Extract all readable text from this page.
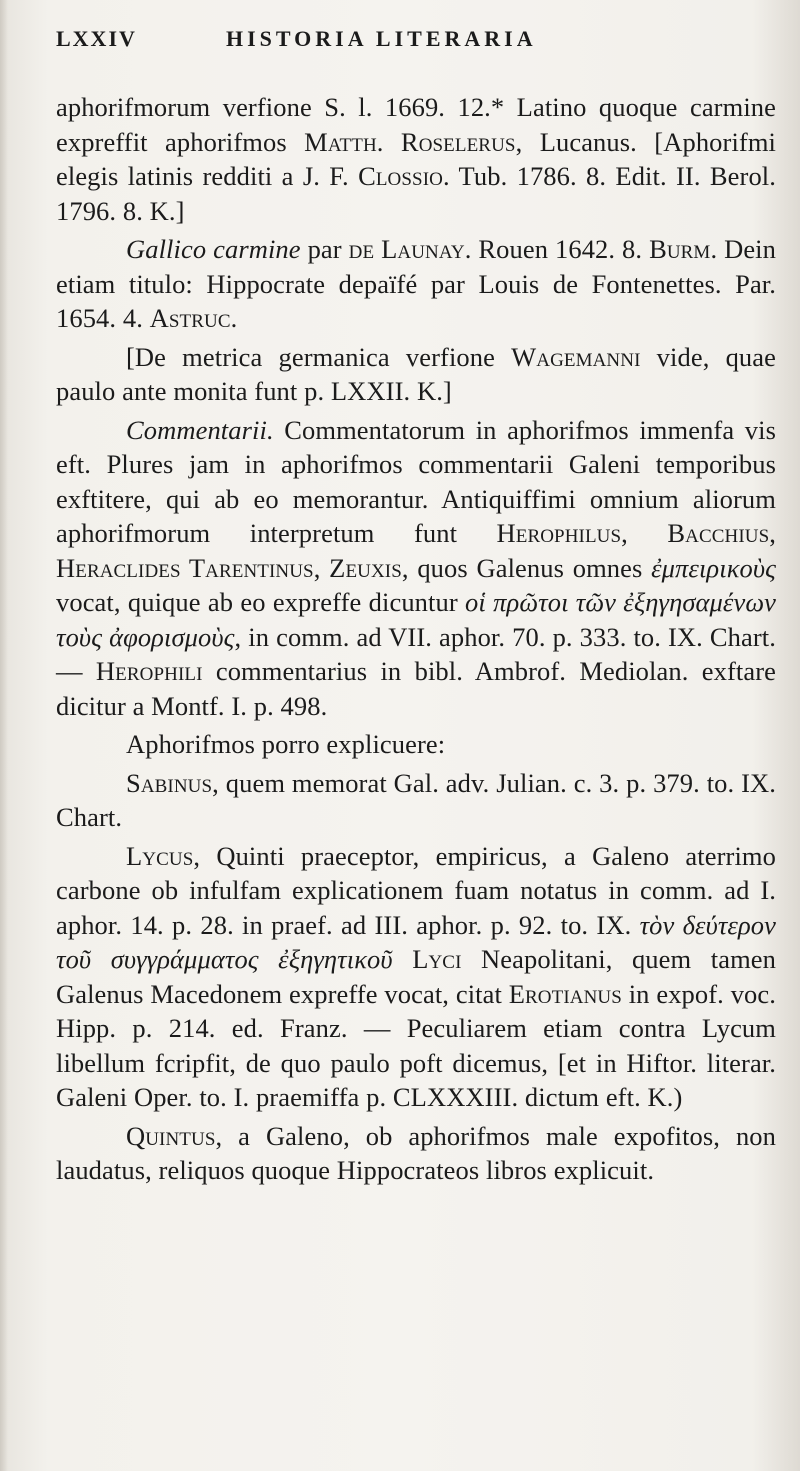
LXXIV	HISTORIA LITERARIA

aphorifmorum verfione S. l. 1669. 12.* Latino quoque carmine expreffit aphorifmos Matth. Roselerus, Lucanus. [Aphorifmi elegis latinis redditi a J. F. Clossio. Tub. 1786. 8. Edit. II. Berol. 1796. 8. K.]

Gallico carmine par de Launay. Rouen 1642. 8. Burm. Dein etiam titulo: Hippocrate depaïfé par Louis de Fontenettes. Par. 1654. 4. Astruc.

[De metrica germanica verfione Wagemanni vide, quae paulo ante monita funt p. LXXII. K.]

Commentarii. Commentatorum in aphorifmos immenfa vis eft. Plures jam in aphorifmos commentarii Galeni temporibus exftitere, qui ab eo memorantur. Antiquiffimi omnium aliorum aphorifmorum interpretum funt Herophilus, Bacchius, Heraclides Tarentinus, Zeuxis, quos Galenus omnes ἐμπειρικοὺς vocat, quique ab eo expreffe dicuntur οἱ πρῶτοι τῶν ἐξηγησαμένων τοὺς ἀφορισμοὺς, in comm. ad VII. aphor. 70. p. 333. to. IX. Chart. — Herophili commentarius in bibl. Ambrof. Mediolan. exftare dicitur a Montf. I. p. 498.

Aphorifmos porro explicuere:

Sabinus, quem memorat Gal. adv. Julian. c. 3. p. 379. to. IX. Chart.

Lycus, Quinti praeceptor, empiricus, a Galeno aterrimo carbone ob infulfam explicationem fuam notatus in comm. ad I. aphor. 14. p. 28. in praef. ad III. aphor. p. 92. to. IX. τὸν δεύτερον τοῦ συγγράμματος ἐξηγητικοῦ Lyci Neapolitani, quem tamen Galenus Macedonem expreffe vocat, citat Erotianus in expof. voc. Hipp. p. 214. ed. Franz. — Peculiarem etiam contra Lycum libellum fcripfit, de quo paulo poft dicemus, [et in Hiftor. literar. Galeni Oper. to. I. praemiffa p. CLXXXIII. dictum eft. K.)

Quintus, a Galeno, ob aphorifmos male expofitos, non laudatus, reliquos quoque Hippocrateos libros explicuit.
